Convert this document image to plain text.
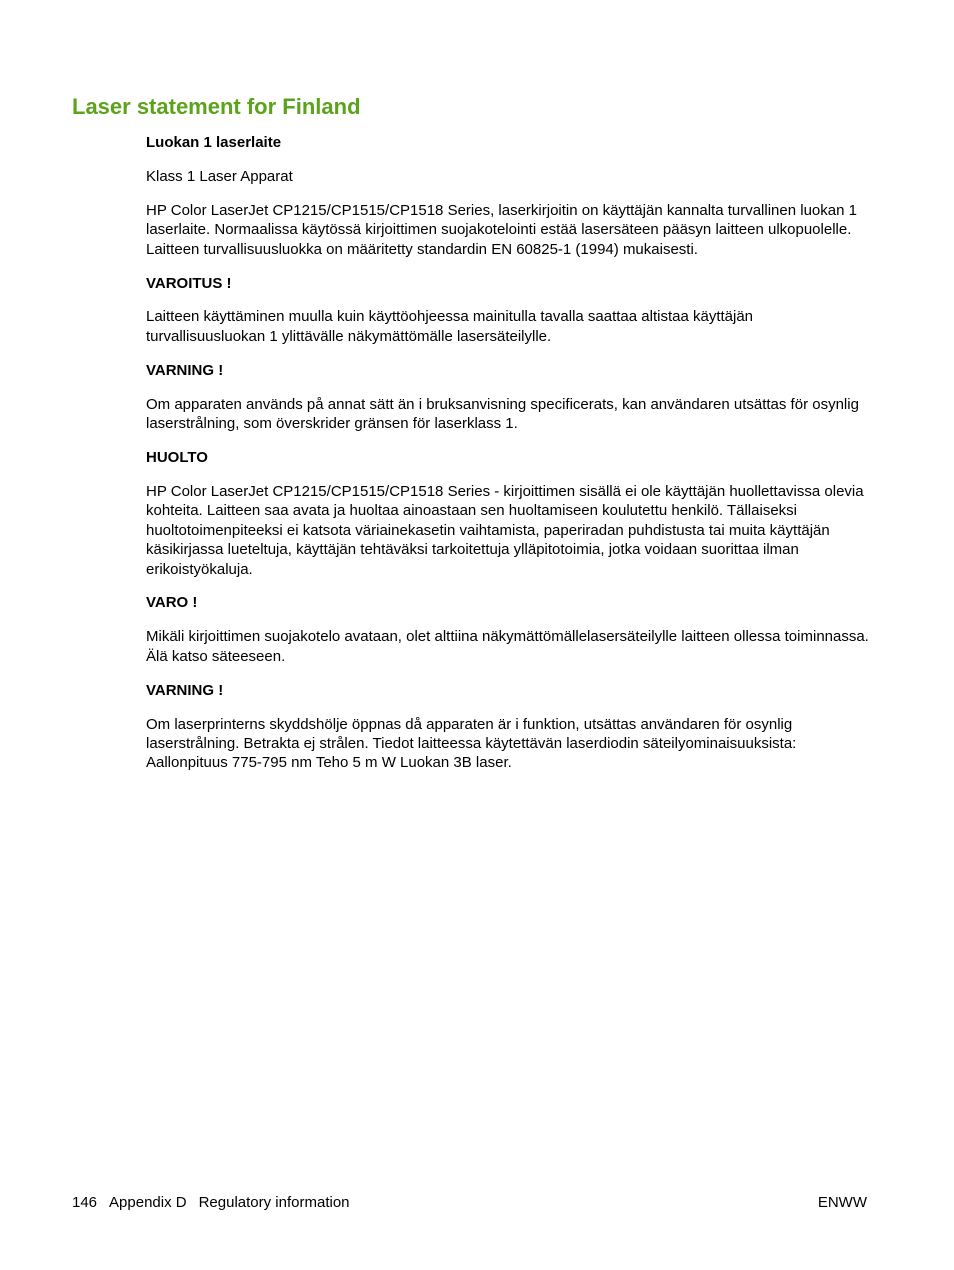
Laser statement for Finland

Luokan 1 laserlaite

Klass 1 Laser Apparat

HP Color LaserJet CP1215/CP1515/CP1518 Series, laserkirjoitin on käyttäjän kannalta turvallinen luokan 1 laserlaite. Normaalissa käytössä kirjoittimen suojakotelointi estää lasersäteen pääsyn laitteen ulkopuolelle. Laitteen turvallisuusluokka on määritetty standardin EN 60825-1 (1994) mukaisesti.

VAROITUS !

Laitteen käyttäminen muulla kuin käyttöohjeessa mainitulla tavalla saattaa altistaa käyttäjän turvallisuusluokan 1 ylittävälle näkymättömälle lasersäteilylle.

VARNING !

Om apparaten används på annat sätt än i bruksanvisning specificerats, kan användaren utsättas för osynlig laserstrålning, som överskrider gränsen för laserklass 1.

HUOLTO

HP Color LaserJet CP1215/CP1515/CP1518 Series - kirjoittimen sisällä ei ole käyttäjän huollettavissa olevia kohteita. Laitteen saa avata ja huoltaa ainoastaan sen huoltamiseen koulutettu henkilö. Tällaiseksi huoltotoimenpiteeksi ei katsota väriainekasetin vaihtamista, paperiradan puhdistusta tai muita käyttäjän käsikirjassa lueteltuja, käyttäjän tehtäväksi tarkoitettuja ylläpitotoimia, jotka voidaan suorittaa ilman erikoistyökaluja.

VARO !

Mikäli kirjoittimen suojakotelo avataan, olet alttiina näkymättömällelasersäteilylle laitteen ollessa toiminnassa. Älä katso säteeseen.

VARNING !

Om laserprinterns skyddshölje öppnas då apparaten är i funktion, utsättas användaren för osynlig laserstrålning. Betrakta ej strålen. Tiedot laitteessa käytettävän laserdiodin säteilyominaisuuksista: Aallonpituus 775-795 nm Teho 5 m W Luokan 3B laser.

146 Appendix D Regulatory information	ENWW
